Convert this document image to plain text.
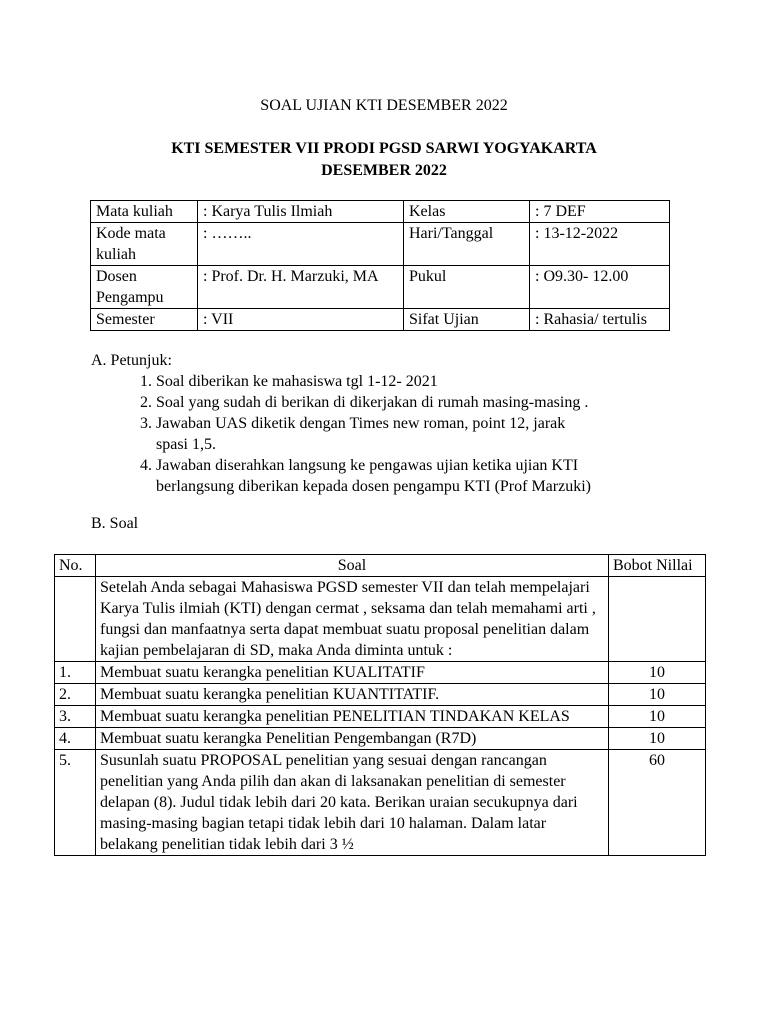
SOAL UJIAN KTI DESEMBER 2022
KTI SEMESTER VII PRODI PGSD SARWI YOGYAKARTA
DESEMBER 2022
Mata kuliah	: Karya Tulis Ilmiah	Kelas	: 7 DEF
Kode mata kuliah	: ……..	Hari/Tanggal	: 13-12-2022
Dosen Pengampu	: Prof. Dr. H. Marzuki, MA	Pukul	: O9.30- 12.00
Semester	: VII	Sifat Ujian	: Rahasia/ tertulis
A. Petunjuk:
1. Soal diberikan ke mahasiswa tgl 1-12- 2021
2. Soal yang sudah di berikan di dikerjakan di rumah masing-masing .
3. Jawaban UAS diketik dengan Times new roman, point 12, jarak spasi 1,5.
4. Jawaban diserahkan langsung ke pengawas ujian ketika ujian KTI berlangsung diberikan kepada dosen pengampu KTI (Prof Marzuki)
B. Soal
No.	Soal	Bobot Nillai
	Setelah Anda sebagai Mahasiswa PGSD semester VII dan telah mempelajari Karya Tulis ilmiah (KTI) dengan cermat , seksama dan telah memahami arti , fungsi dan manfaatnya serta dapat membuat suatu proposal penelitian dalam kajian pembelajaran di SD, maka Anda diminta untuk :	
1.	Membuat suatu kerangka penelitian KUALITATIF	10
2.	Membuat suatu kerangka penelitian KUANTITATIF.	10
3.	Membuat suatu kerangka penelitian PENELITIAN TINDAKAN KELAS	10
4.	Membuat suatu kerangka Penelitian Pengembangan (R7D)	10
5.	Susunlah suatu PROPOSAL penelitian yang sesuai dengan rancangan penelitian yang Anda pilih dan akan di laksanakan penelitian di semester delapan (8). Judul tidak lebih dari 20 kata. Berikan uraian secukupnya dari masing-masing bagian tetapi tidak lebih dari 10 halaman. Dalam latar belakang penelitian tidak lebih dari 3 ½	60
